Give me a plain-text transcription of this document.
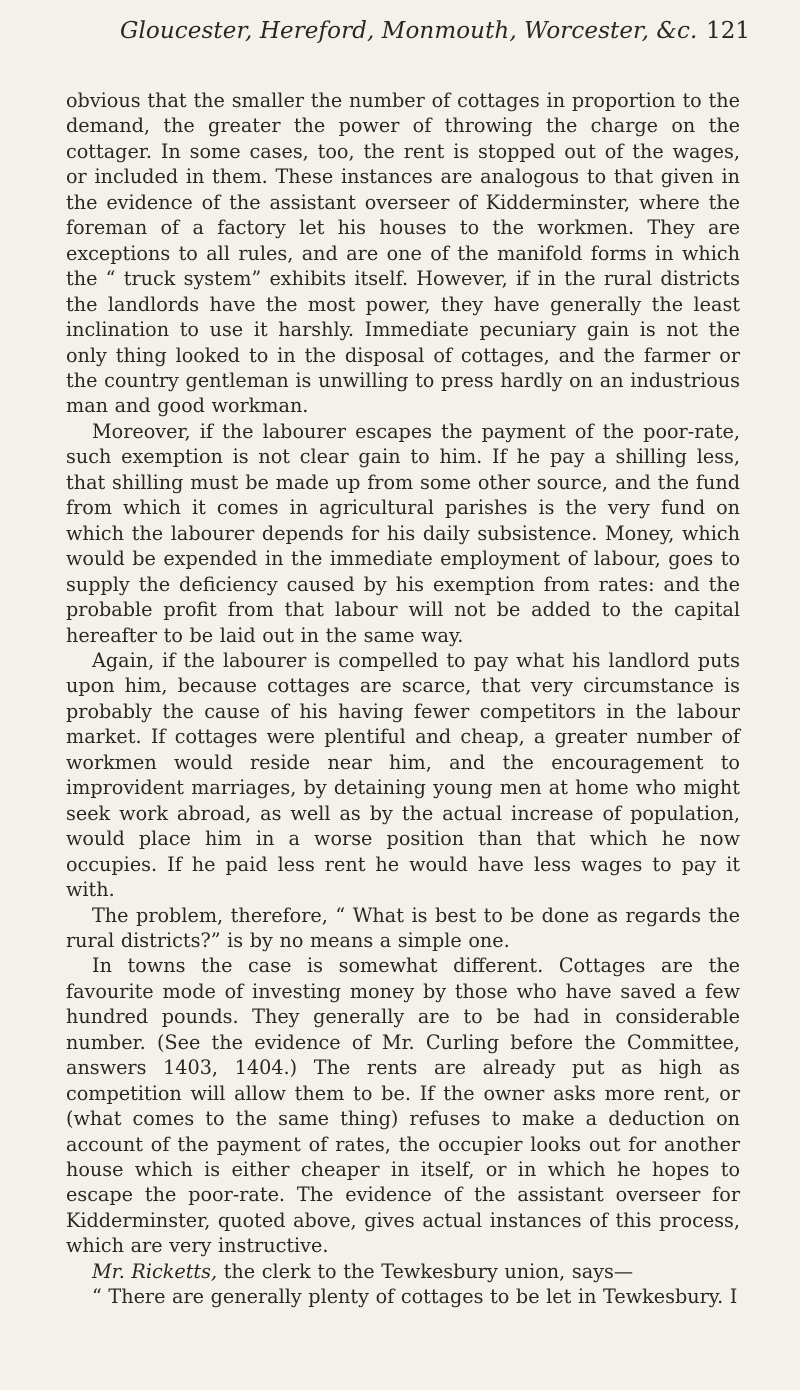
Gloucester, Hereford, Monmouth, Worcester, &c. 121

obvious that the smaller the number of cottages in proportion to the demand, the greater the power of throwing the charge on the cottager. In some cases, too, the rent is stopped out of the wages, or included in them. These instances are analogous to that given in the evidence of the assistant overseer of Kidderminster, where the foreman of a factory let his houses to the workmen. They are exceptions to all rules, and are one of the manifold forms in which the “ truck system” exhibits itself. However, if in the rural districts the landlords have the most power, they have generally the least inclination to use it harshly. Immediate pecuniary gain is not the only thing looked to in the disposal of cottages, and the farmer or the country gentleman is unwilling to press hardly on an industrious man and good workman.

Moreover, if the labourer escapes the payment of the poor-rate, such exemption is not clear gain to him. If he pay a shilling less, that shilling must be made up from some other source, and the fund from which it comes in agricultural parishes is the very fund on which the labourer depends for his daily subsistence. Money, which would be expended in the immediate employment of labour, goes to supply the deficiency caused by his exemption from rates: and the probable profit from that labour will not be added to the capital hereafter to be laid out in the same way.

Again, if the labourer is compelled to pay what his landlord puts upon him, because cottages are scarce, that very circumstance is probably the cause of his having fewer competitors in the labour market. If cottages were plentiful and cheap, a greater number of workmen would reside near him, and the encouragement to improvident marriages, by detaining young men at home who might seek work abroad, as well as by the actual increase of population, would place him in a worse position than that which he now occupies. If he paid less rent he would have less wages to pay it with.

The problem, therefore, “ What is best to be done as regards the rural districts?” is by no means a simple one.

In towns the case is somewhat different. Cottages are the favourite mode of investing money by those who have saved a few hundred pounds. They generally are to be had in considerable number. (See the evidence of Mr. Curling before the Committee, answers 1403, 1404.) The rents are already put as high as competition will allow them to be. If the owner asks more rent, or (what comes to the same thing) refuses to make a deduction on account of the payment of rates, the occupier looks out for another house which is either cheaper in itself, or in which he hopes to escape the poor-rate. The evidence of the assistant overseer for Kidderminster, quoted above, gives actual instances of this process, which are very instructive.

Mr. Ricketts, the clerk to the Tewkesbury union, says—

“ There are generally plenty of cottages to be let in Tewkesbury. I
